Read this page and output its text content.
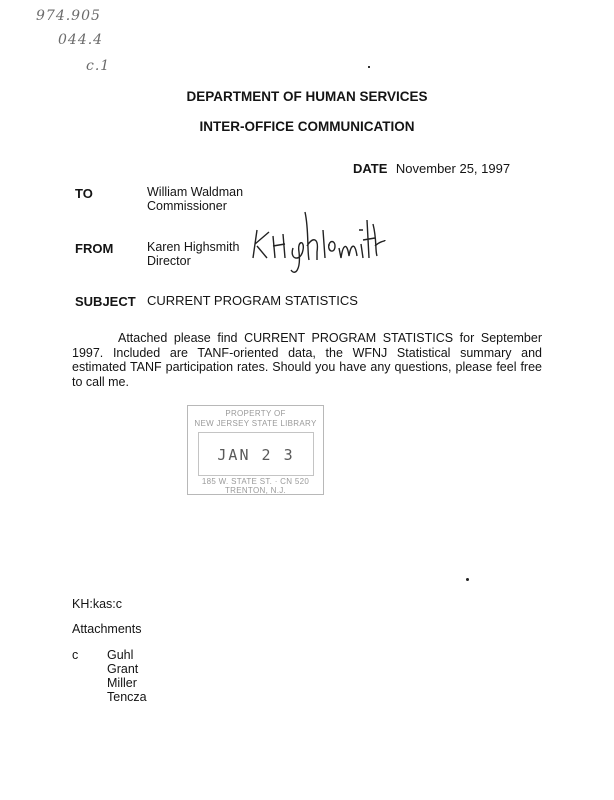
974.905
044.4
c.1
DEPARTMENT OF HUMAN SERVICES
INTER-OFFICE COMMUNICATION
DATE November 25, 1997
TO	William Waldman
Commissioner
FROM	Karen Highsmith
Director
SUBJECT CURRENT PROGRAM STATISTICS
Attached please find CURRENT PROGRAM STATISTICS for September 1997. Included are TANF-oriented data, the WFNJ Statistical summary and estimated TANF participation rates. Should you have any questions, please feel free to call me.
PROPERTY OF
NEW JERSEY STATE LIBRARY
JAN 2 3
185 W. STATE ST. · CN 520
TRENTON, N.J.
KH:kas:c
Attachments
c Guhl
Grant
Miller
Tencza
